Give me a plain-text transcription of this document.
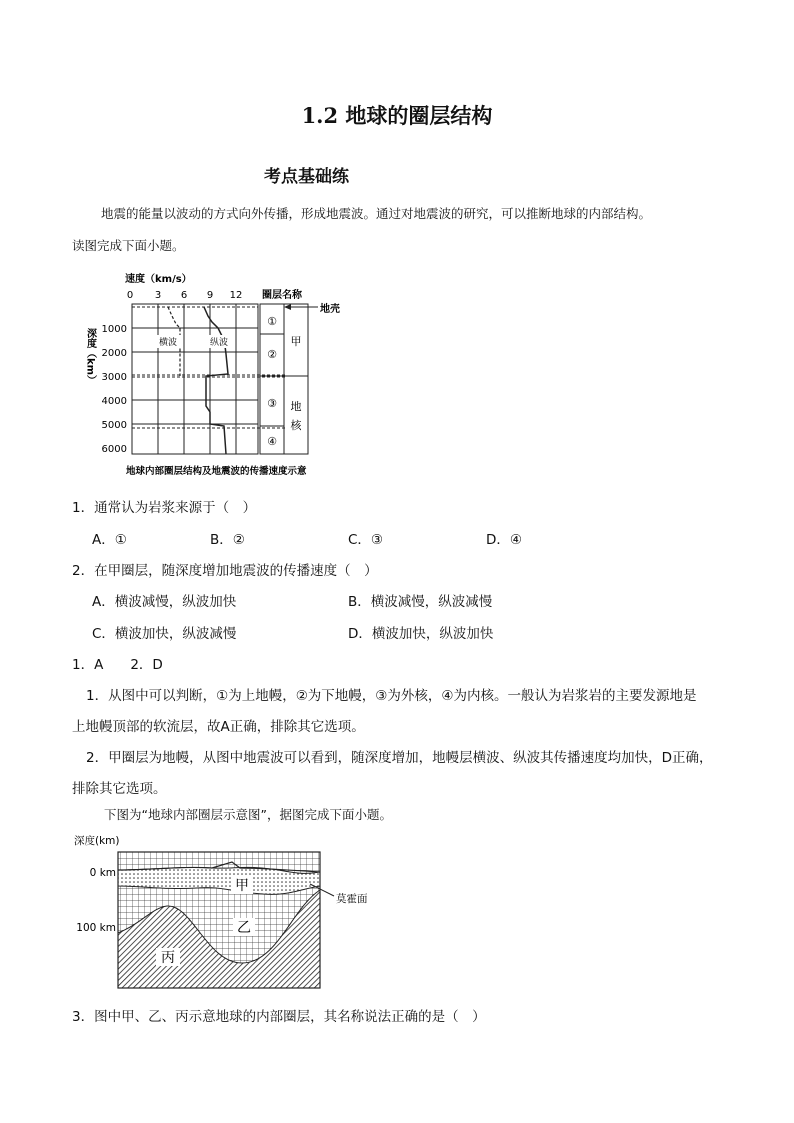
1.2 地球的圈层结构
考点基础练
地震的能量以波动的方式向外传播，形成地震波。通过对地震波的研究，可以推断地球的内部结构。
读图完成下面小题。
速度（km/s）
0 3 6 9 12 圈层名称
地壳
深度（km） 1000
2000
3000
4000
5000
6000
①
②
③
④
甲
地
核
横波	纵波
地球内部圈层结构及地震波的传播速度示意
1．通常认为岩浆来源于（　）
A．①	B．②	C．③	D．④
2．在甲圈层，随深度增加地震波的传播速度（　）
A．横波减慢，纵波加快	B．横波减慢，纵波减慢
C．横波加快，纵波减慢	D．横波加快，纵波加快
1．A　　2．D
1．从图中可以判断，①为上地幔，②为下地幔，③为外核，④为内核。一般认为岩浆岩的主要发源地是
上地幔顶部的软流层，故A正确，排除其它选项。
2．甲圈层为地幔，从图中地震波可以看到，随深度增加，地幔层横波、纵波其传播速度均加快，D正确，
排除其它选项。
下图为“地球内部圈层示意图”，据图完成下面小题。
深度(km)
0 km
100 km
甲
乙
丙
莫霍面
3．图中甲、乙、丙示意地球的内部圈层，其名称说法正确的是（　）
